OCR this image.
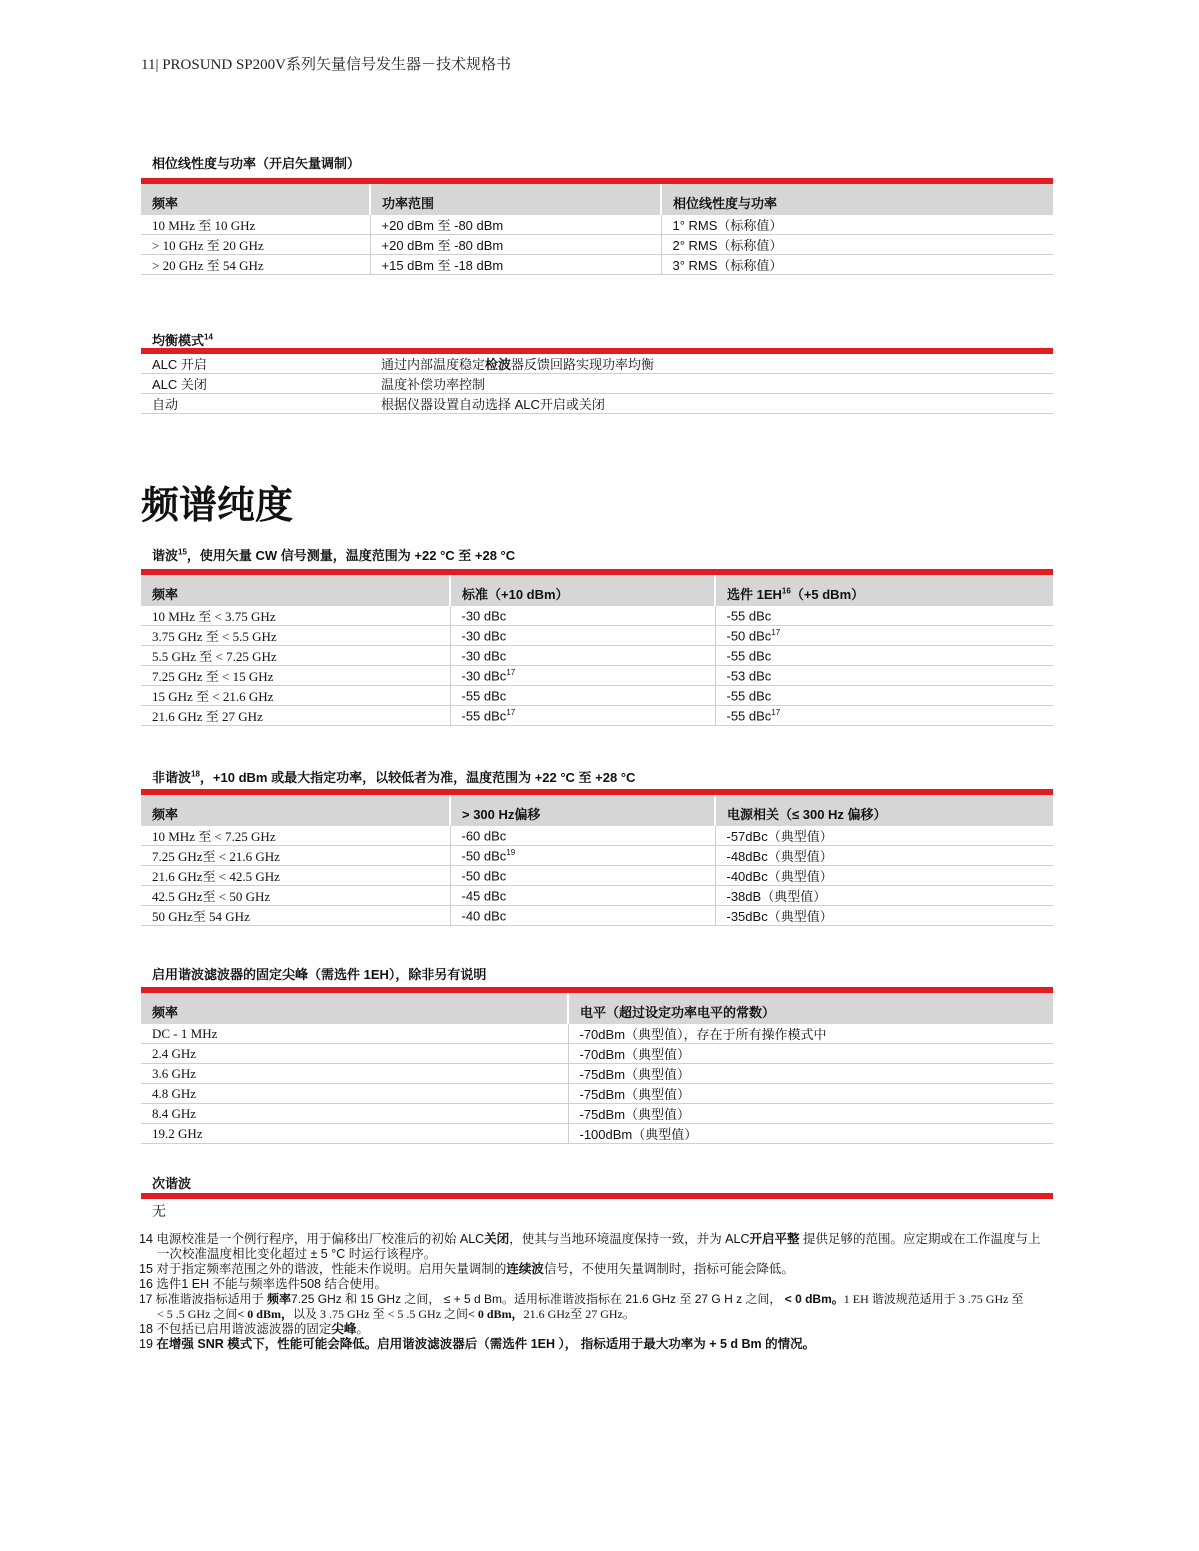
11| PROSUND SP200V系列矢量信号发生器－技术规格书
相位线性度与功率（开启矢量调制）
频率	功率范围	相位线性度与功率
10 MHz 至 10 GHz	+20 dBm 至 -80 dBm	1° RMS（标称值）
> 10 GHz 至 20 GHz	+20 dBm 至 -80 dBm	2° RMS（标称值）
> 20 GHz 至 54 GHz	+15 dBm 至 -18 dBm	3° RMS（标称值）
均衡模式$^{14}$
ALC 开启	通过内部温度稳定检波器反馈回路实现功率均衡
ALC 关闭	温度补偿功率控制
自动	根据仪器设置自动选择 ALC开启或关闭
频谱纯度
谐波$^{15}$，使用矢量 CW 信号测量，温度范围为 +22 °C 至 +28 °C
频率	标准（+10 dBm）	选件 $1EH^{16}(+5$ dBm）
10 MHz 至 < 3.75 GHz	-30 dBc	-55 dBc
3.75 GHz 至 < 5.5 GHz	-30 dBc	-50 dBc$^{17}$
5.5 GHz 至 < 7.25 GHz	-30 dBc	-55 dBc
7.25 GHz 至 < 15 GHz	-30 dBc$^{17}$	-53 dBc
15 GHz 至 < 21.6 GHz	-55 dBc	-55 dBc
21.6 GHz 至 27 GHz	-55 dBc$^{17}$	-55 dBc$^{17}$
非谐波$^{18}$，+10 dBm 或最大指定功率，以较低者为准，温度范围为 +22 °C 至 +28 °C
频率	> 300 Hz偏移	电源相关（≤ 300 Hz 偏移）
10 MHz 至 < 7.25 GHz	-60 dBc	-57dBc（典型值）
7.25 GHz至 < 21.6 GHz	-50 dBc$^{19}$	-48dBc（典型值）
21.6 GHz至 < 42.5 GHz	-50 dBc	-40dBc（典型值）
42.5 GHz至 < 50 GHz	-45 dBc	-38dB（典型值）
50 GHz至 54 GHz	-40 dBc	-35dBc（典型值）
启用谐波滤波器的固定尖峰（需选件 1EH），除非另有说明
频率	电平（超过设定功率电平的常数）
DC - 1 MHz	-70dBm（典型值），存在于所有操作模式中
2.4 GHz	-70dBm（典型值）
3.6 GHz	-75dBm（典型值）
4.8 GHz	-75dBm（典型值）
8.4 GHz	-75dBm（典型值）
19.2 GHz	-100dBm（典型值）
次谐波
无

14 电源校准是一个例行程序，用于偏移出厂校准后的初始 ALC关闭，使其与当地环境温度保持一致，并为 ALC开启平整 提供足够的范围。应定期或在工作温度与上

一次校准温度相比变化超过 ± 5 °C 时运行该程序。

15 对于指定频率范围之外的谐波，性能未作说明。启用矢量调制的连续波信号，不使用矢量调制时，指标可能会降低。

16 选件1 EH 不能与频率选件508 结合使用。

17 标准谐波指标适用于 频率7.25 GHz 和 15 GHz 之间， ≤ + 5 d Bm。适用标准谐波指标在 21.6 GHz 至 27 G H z 之间， < 0 dBm。1 EH 谐波规范适用于 3 .75 GHz 至

< 5 .5 GHz 之间< 0 dBm，以及 3 .75 GHz 至 < 5 .5 GHz 之间< 0 dBm，21.6 GHz至 27 GHz。

18 不包括已启用谐波滤波器的固定尖峰。

19 在增强 SNR 模式下，性能可能会降低。启用谐波滤波器后（需选件 1EH ）， 指标适用于最大功率为 + 5 d Bm 的情况。
